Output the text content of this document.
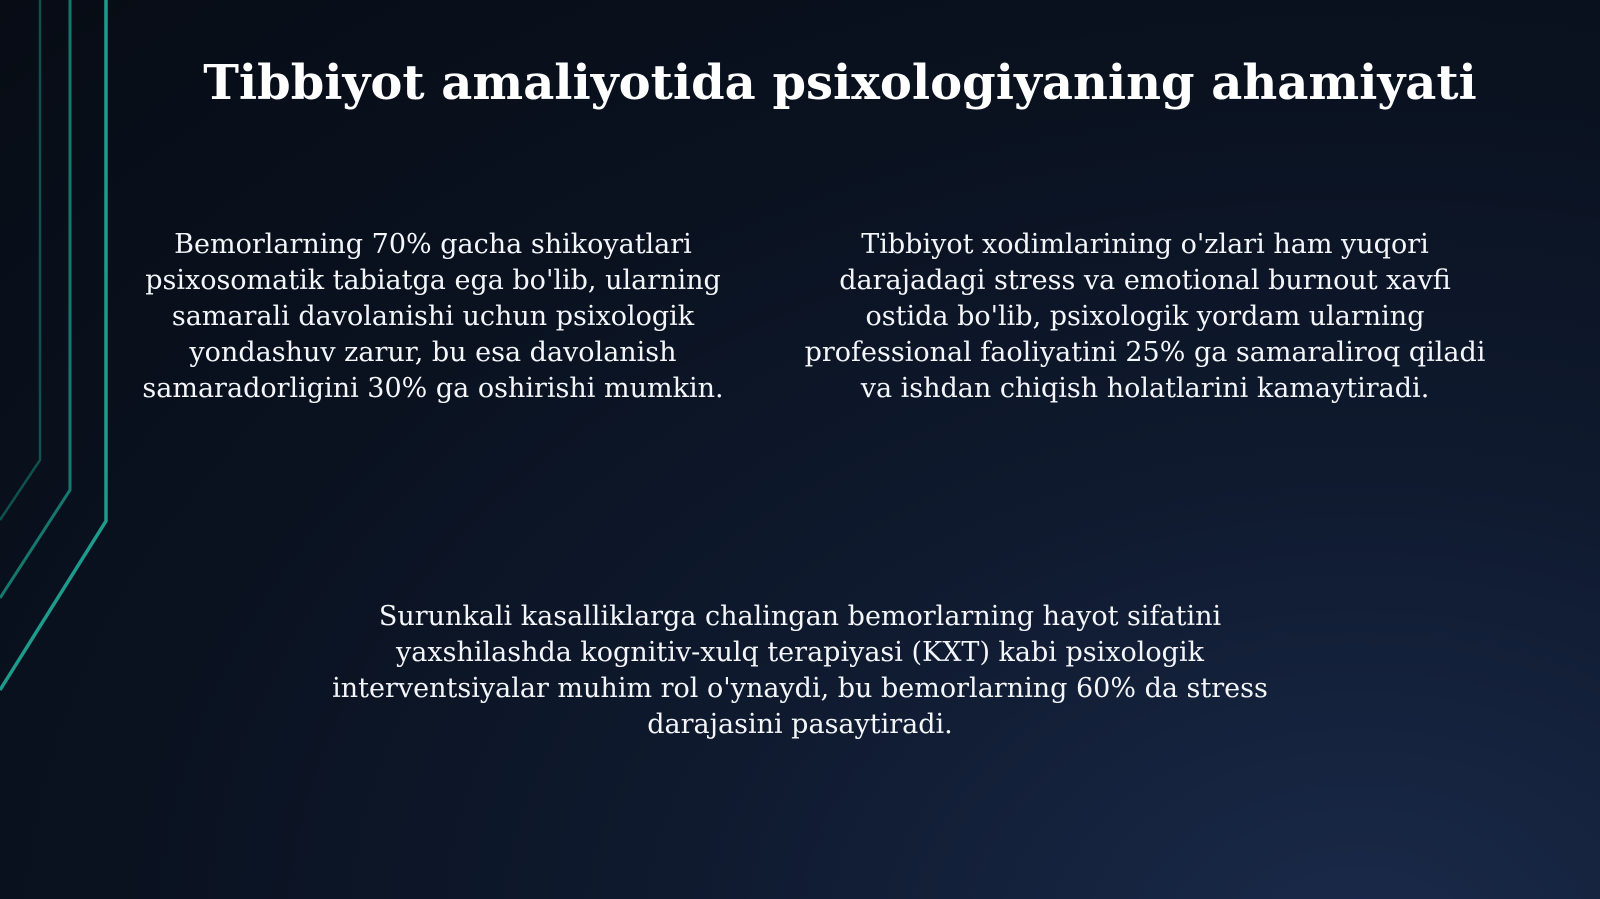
Tibbiyot amaliyotida psixologiyaning ahamiyati

Bemorlarning 70% gacha shikoyatlari psixosomatik tabiatga ega bo'lib, ularning samarali davolanishi uchun psixologik yondashuv zarur, bu esa davolanish samaradorligini 30% ga oshirishi mumkin.

Tibbiyot xodimlarining o'zlari ham yuqori darajadagi stress va emotional burnout xavfi ostida bo'lib, psixologik yordam ularning professional faoliyatini 25% ga samaraliroq qiladi va ishdan chiqish holatlarini kamaytiradi.

Surunkali kasalliklarga chalingan bemorlarning hayot sifatini yaxshilashda kognitiv-xulq terapiyasi (KXT) kabi psixologik interventsiyalar muhim rol o'ynaydi, bu bemorlarning 60% da stress darajasini pasaytiradi.
